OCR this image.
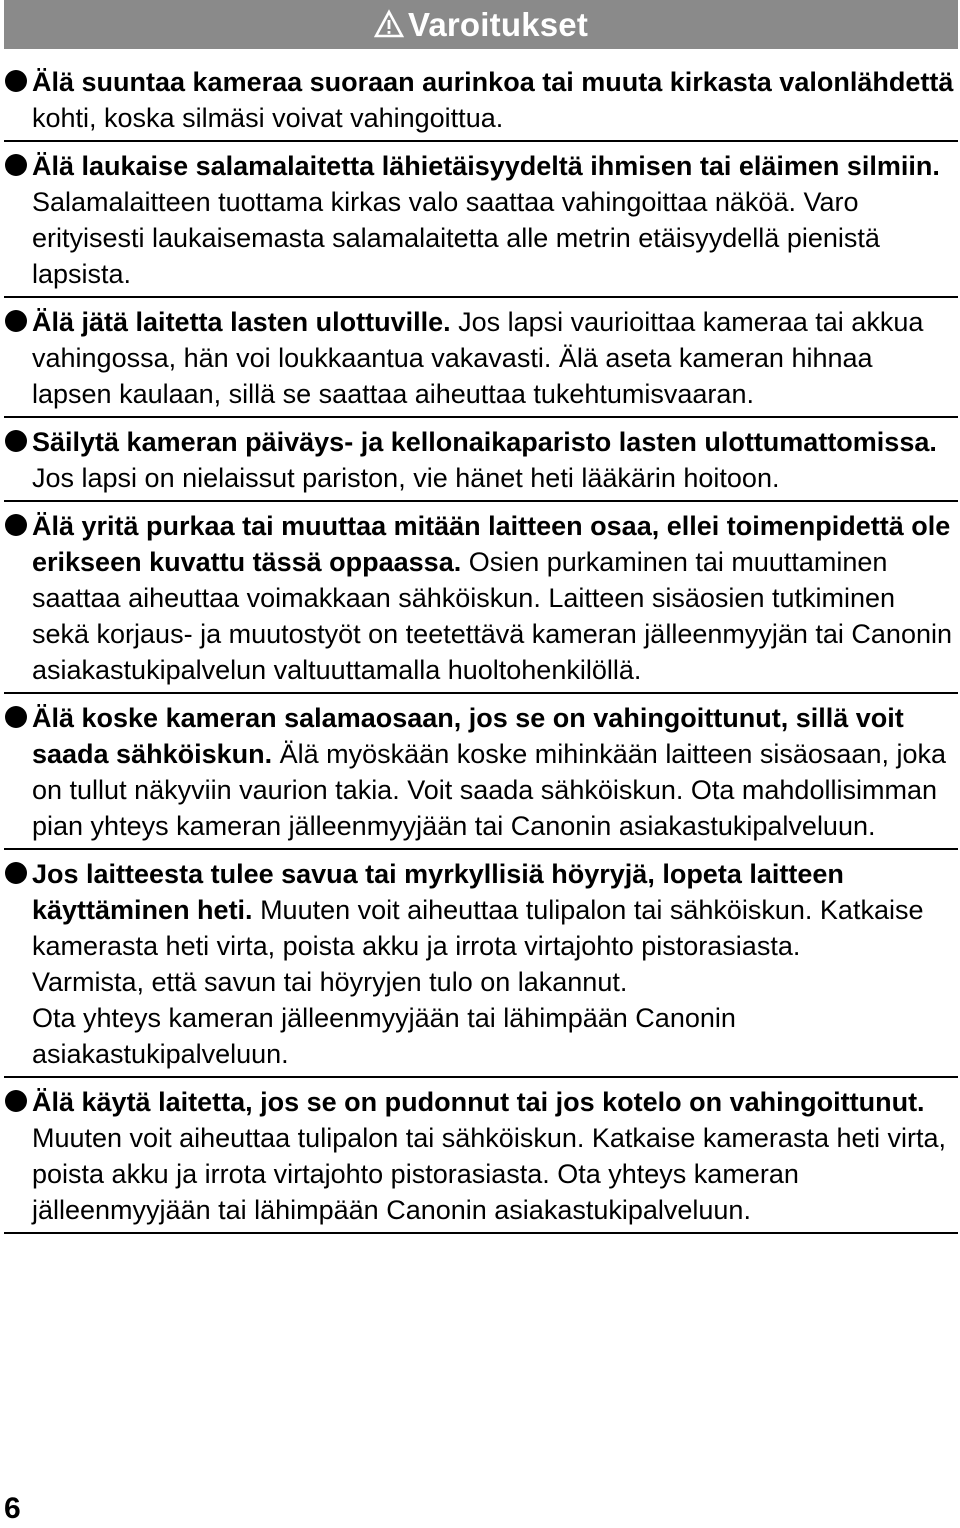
Varoitukset
Älä suuntaa kameraa suoraan aurinkoa tai muuta kirkasta valonlähdettä kohti, koska silmäsi voivat vahingoittua.
Älä laukaise salamalaitetta lähietäisyydeltä ihmisen tai eläimen silmiin. Salamalaitteen tuottama kirkas valo saattaa vahingoittaa näköä. Varo erityisesti laukaisemasta salamalaitetta alle metrin etäisyydellä pienistä lapsista.
Älä jätä laitetta lasten ulottuville. Jos lapsi vaurioittaa kameraa tai akkua vahingossa, hän voi loukkaantua vakavasti. Älä aseta kameran hihnaa lapsen kaulaan, sillä se saattaa aiheuttaa tukehtumisvaaran.
Säilytä kameran päiväys- ja kellonaikaparisto lasten ulottumattomissa. Jos lapsi on nielaissut pariston, vie hänet heti lääkärin hoitoon.
Älä yritä purkaa tai muuttaa mitään laitteen osaa, ellei toimenpidettä ole erikseen kuvattu tässä oppaassa. Osien purkaminen tai muuttaminen saattaa aiheuttaa voimakkaan sähköiskun. Laitteen sisäosien tutkiminen sekä korjaus- ja muutostyöt on teetettävä kameran jälleenmyyjän tai Canonin asiakastukipalvelun valtuuttamalla huoltohenkilöllä.
Älä koske kameran salamaosaan, jos se on vahingoittunut, sillä voit saada sähköiskun. Älä myöskään koske mihinkään laitteen sisäosaan, joka on tullut näkyviin vaurion takia. Voit saada sähköiskun. Ota mahdollisimman pian yhteys kameran jälleenmyyjään tai Canonin asiakastukipalveluun.
Jos laitteesta tulee savua tai myrkyllisiä höyryjä, lopeta laitteen käyttäminen heti. Muuten voit aiheuttaa tulipalon tai sähköiskun. Katkaise kamerasta heti virta, poista akku ja irrota virtajohto pistorasiasta.
Varmista, että savun tai höyryjen tulo on lakannut.
Ota yhteys kameran jälleenmyyjään tai lähimpään Canonin asiakastukipalveluun.
Älä käytä laitetta, jos se on pudonnut tai jos kotelo on vahingoittunut. Muuten voit aiheuttaa tulipalon tai sähköiskun. Katkaise kamerasta heti virta, poista akku ja irrota virtajohto pistorasiasta. Ota yhteys kameran jälleenmyyjään tai lähimpään Canonin asiakastukipalveluun.
6
